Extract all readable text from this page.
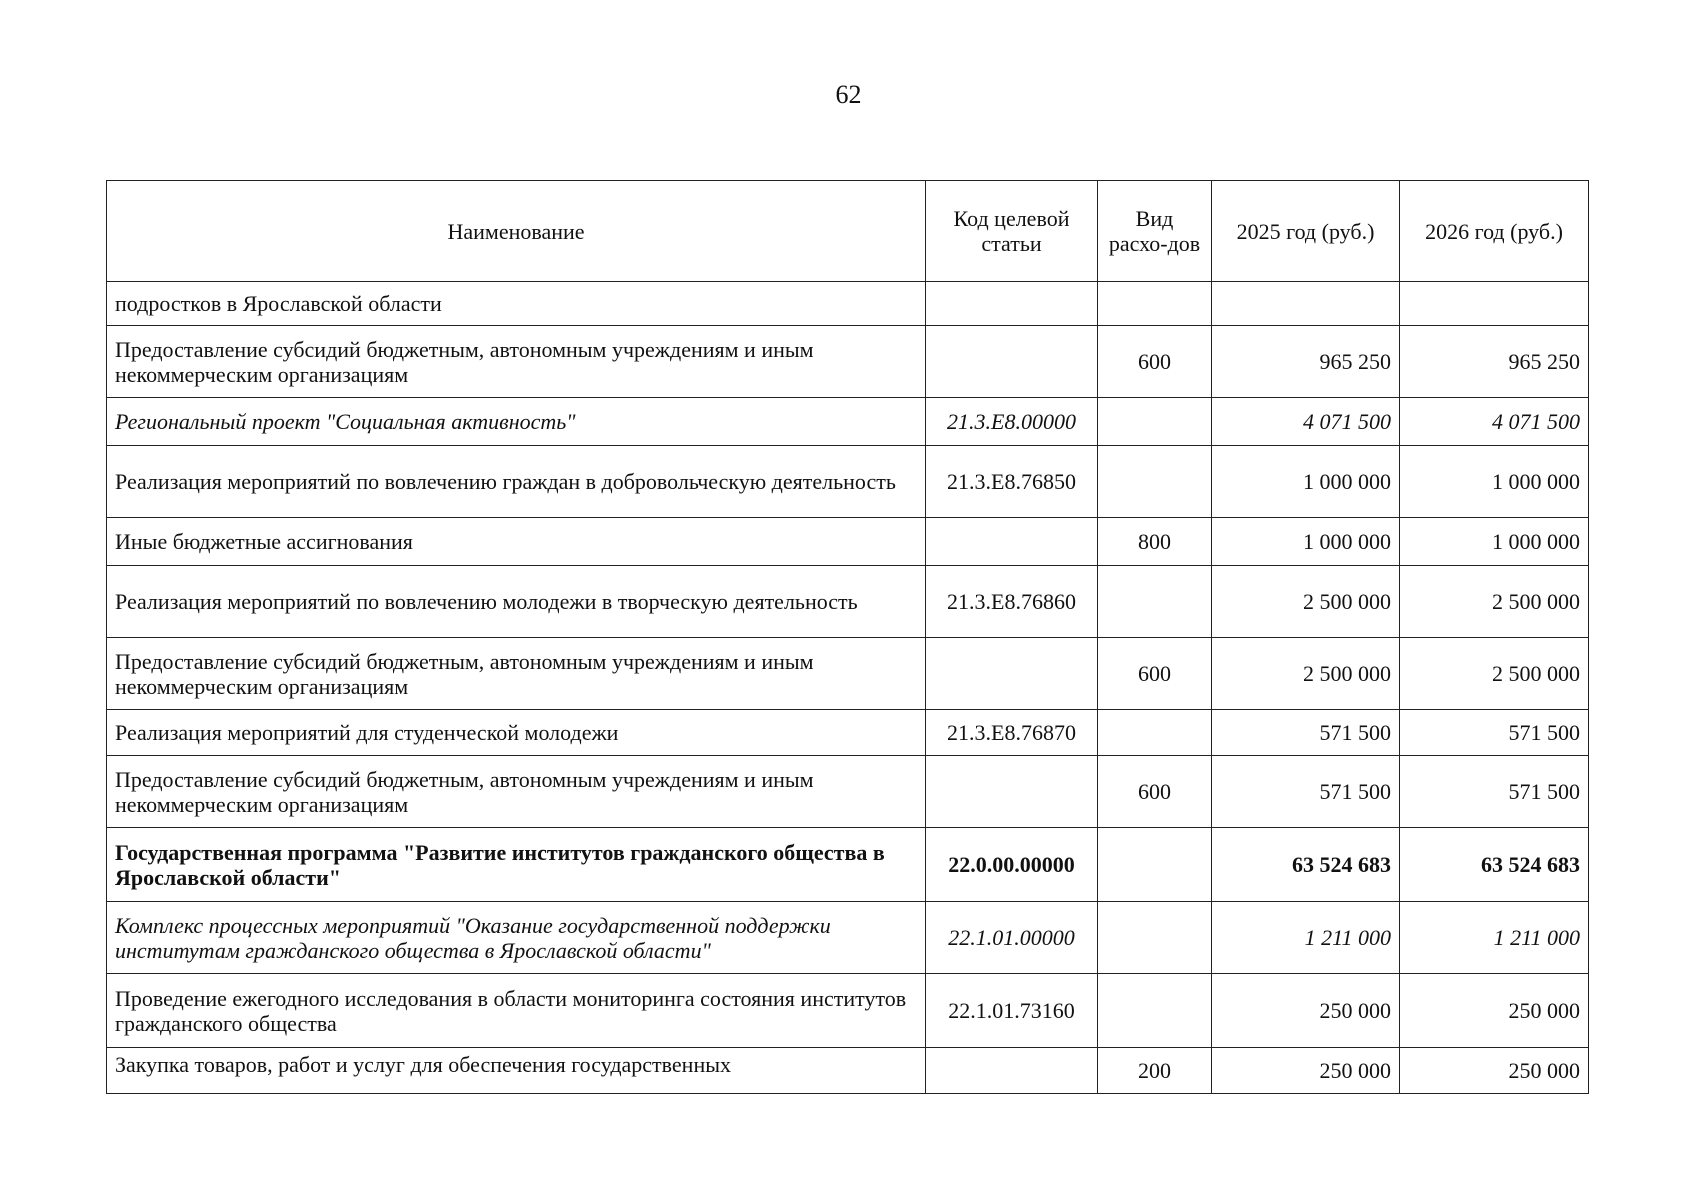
62
Наименование	Код целевой статьи	Вид расхо-дов	2025 год (руб.)	2026 год (руб.)
подростков в Ярославской области				
Предоставление субсидий бюджетным, автономным учреждениям и иным некоммерческим организациям		600	965 250	965 250
Региональный проект "Социальная активность"	21.3.E8.00000		4 071 500	4 071 500
Реализация мероприятий по вовлечению граждан в добровольческую деятельность	21.3.E8.76850		1 000 000	1 000 000
Иные бюджетные ассигнования		800	1 000 000	1 000 000
Реализация мероприятий по вовлечению молодежи в творческую деятельность	21.3.E8.76860		2 500 000	2 500 000
Предоставление субсидий бюджетным, автономным учреждениям и иным некоммерческим организациям		600	2 500 000	2 500 000
Реализация мероприятий для студенческой молодежи	21.3.E8.76870		571 500	571 500
Предоставление субсидий бюджетным, автономным учреждениям и иным некоммерческим организациям		600	571 500	571 500
Государственная программа "Развитие институтов гражданского общества в Ярославской области"	22.0.00.00000		63 524 683	63 524 683
Комплекс процессных мероприятий "Оказание государственной поддержки институтам гражданского общества в Ярославской области"	22.1.01.00000		1 211 000	1 211 000
Проведение ежегодного исследования в области мониторинга состояния институтов гражданского общества	22.1.01.73160		250 000	250 000
Закупка товаров, работ и услуг для обеспечения государственных		200	250 000	250 000
